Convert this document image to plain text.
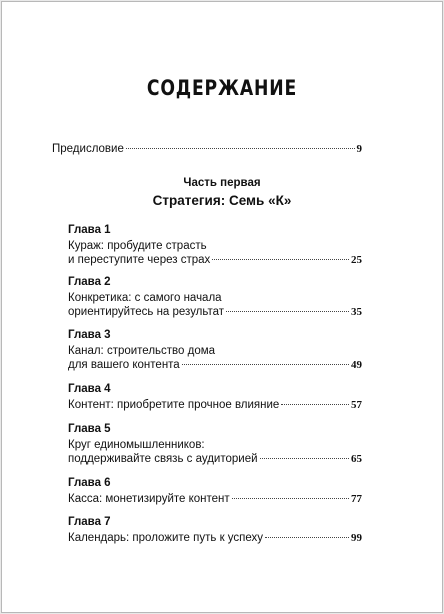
СОДЕРЖАНИЕ
Предисловие	9
Часть первая
Стратегия: Семь «К»
Глава 1
Кураж: пробудите страсть
и переступите через страх	25
Глава 2
Конкретика: с самого начала
ориентируйтесь на результат	35
Глава 3
Канал: строительство дома
для вашего контента	49
Глава 4
Контент: приобретите прочное влияние	57
Глава 5
Круг единомышленников:
поддерживайте связь с аудиторией	65
Глава 6
Касса: монетизируйте контент	77
Глава 7
Календарь: проложите путь к успеху	99
